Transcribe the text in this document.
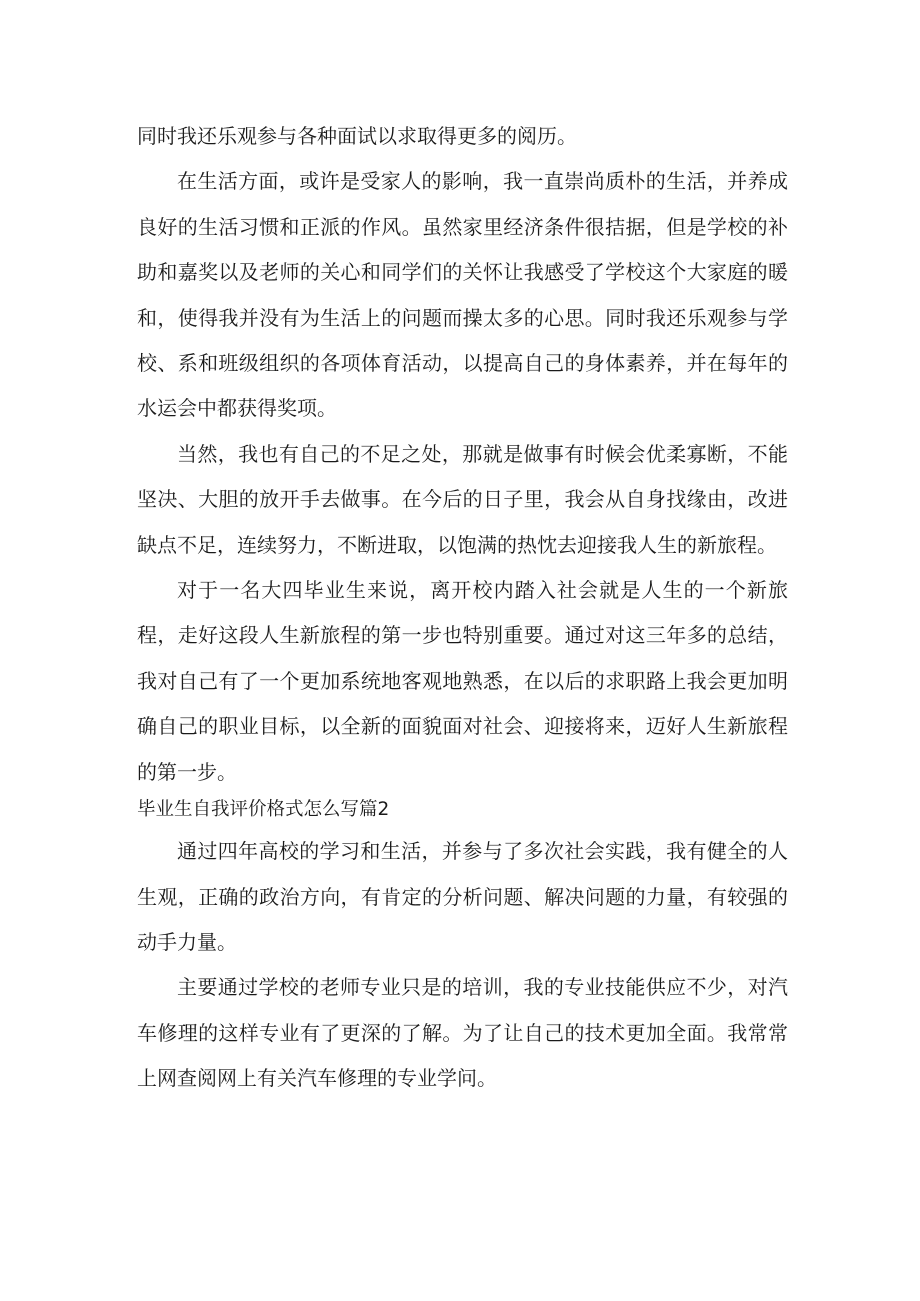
同时我还乐观参与各种面试以求取得更多的阅历。

在生活方面，或许是受家人的影响，我一直崇尚质朴的生活，并养成良好的生活习惯和正派的作风。虽然家里经济条件很拮据，但是学校的补助和嘉奖以及老师的关心和同学们的关怀让我感受了学校这个大家庭的暖和，使得我并没有为生活上的问题而操太多的心思。同时我还乐观参与学校、系和班级组织的各项体育活动，以提高自己的身体素养，并在每年的水运会中都获得奖项。

当然，我也有自己的不足之处，那就是做事有时候会优柔寡断，不能坚决、大胆的放开手去做事。在今后的日子里，我会从自身找缘由，改进缺点不足，连续努力，不断进取，以饱满的热忱去迎接我人生的新旅程。

对于一名大四毕业生来说，离开校内踏入社会就是人生的一个新旅程，走好这段人生新旅程的第一步也特别重要。通过对这三年多的总结，我对自己有了一个更加系统地客观地熟悉，在以后的求职路上我会更加明确自己的职业目标，以全新的面貌面对社会、迎接将来，迈好人生新旅程的第一步。

毕业生自我评价格式怎么写篇2

通过四年高校的学习和生活，并参与了多次社会实践，我有健全的人生观，正确的政治方向，有肯定的分析问题、解决问题的力量，有较强的动手力量。

主要通过学校的老师专业只是的培训，我的专业技能供应不少，对汽车修理的这样专业有了更深的了解。为了让自己的技术更加全面。我常常上网查阅网上有关汽车修理的专业学问。
